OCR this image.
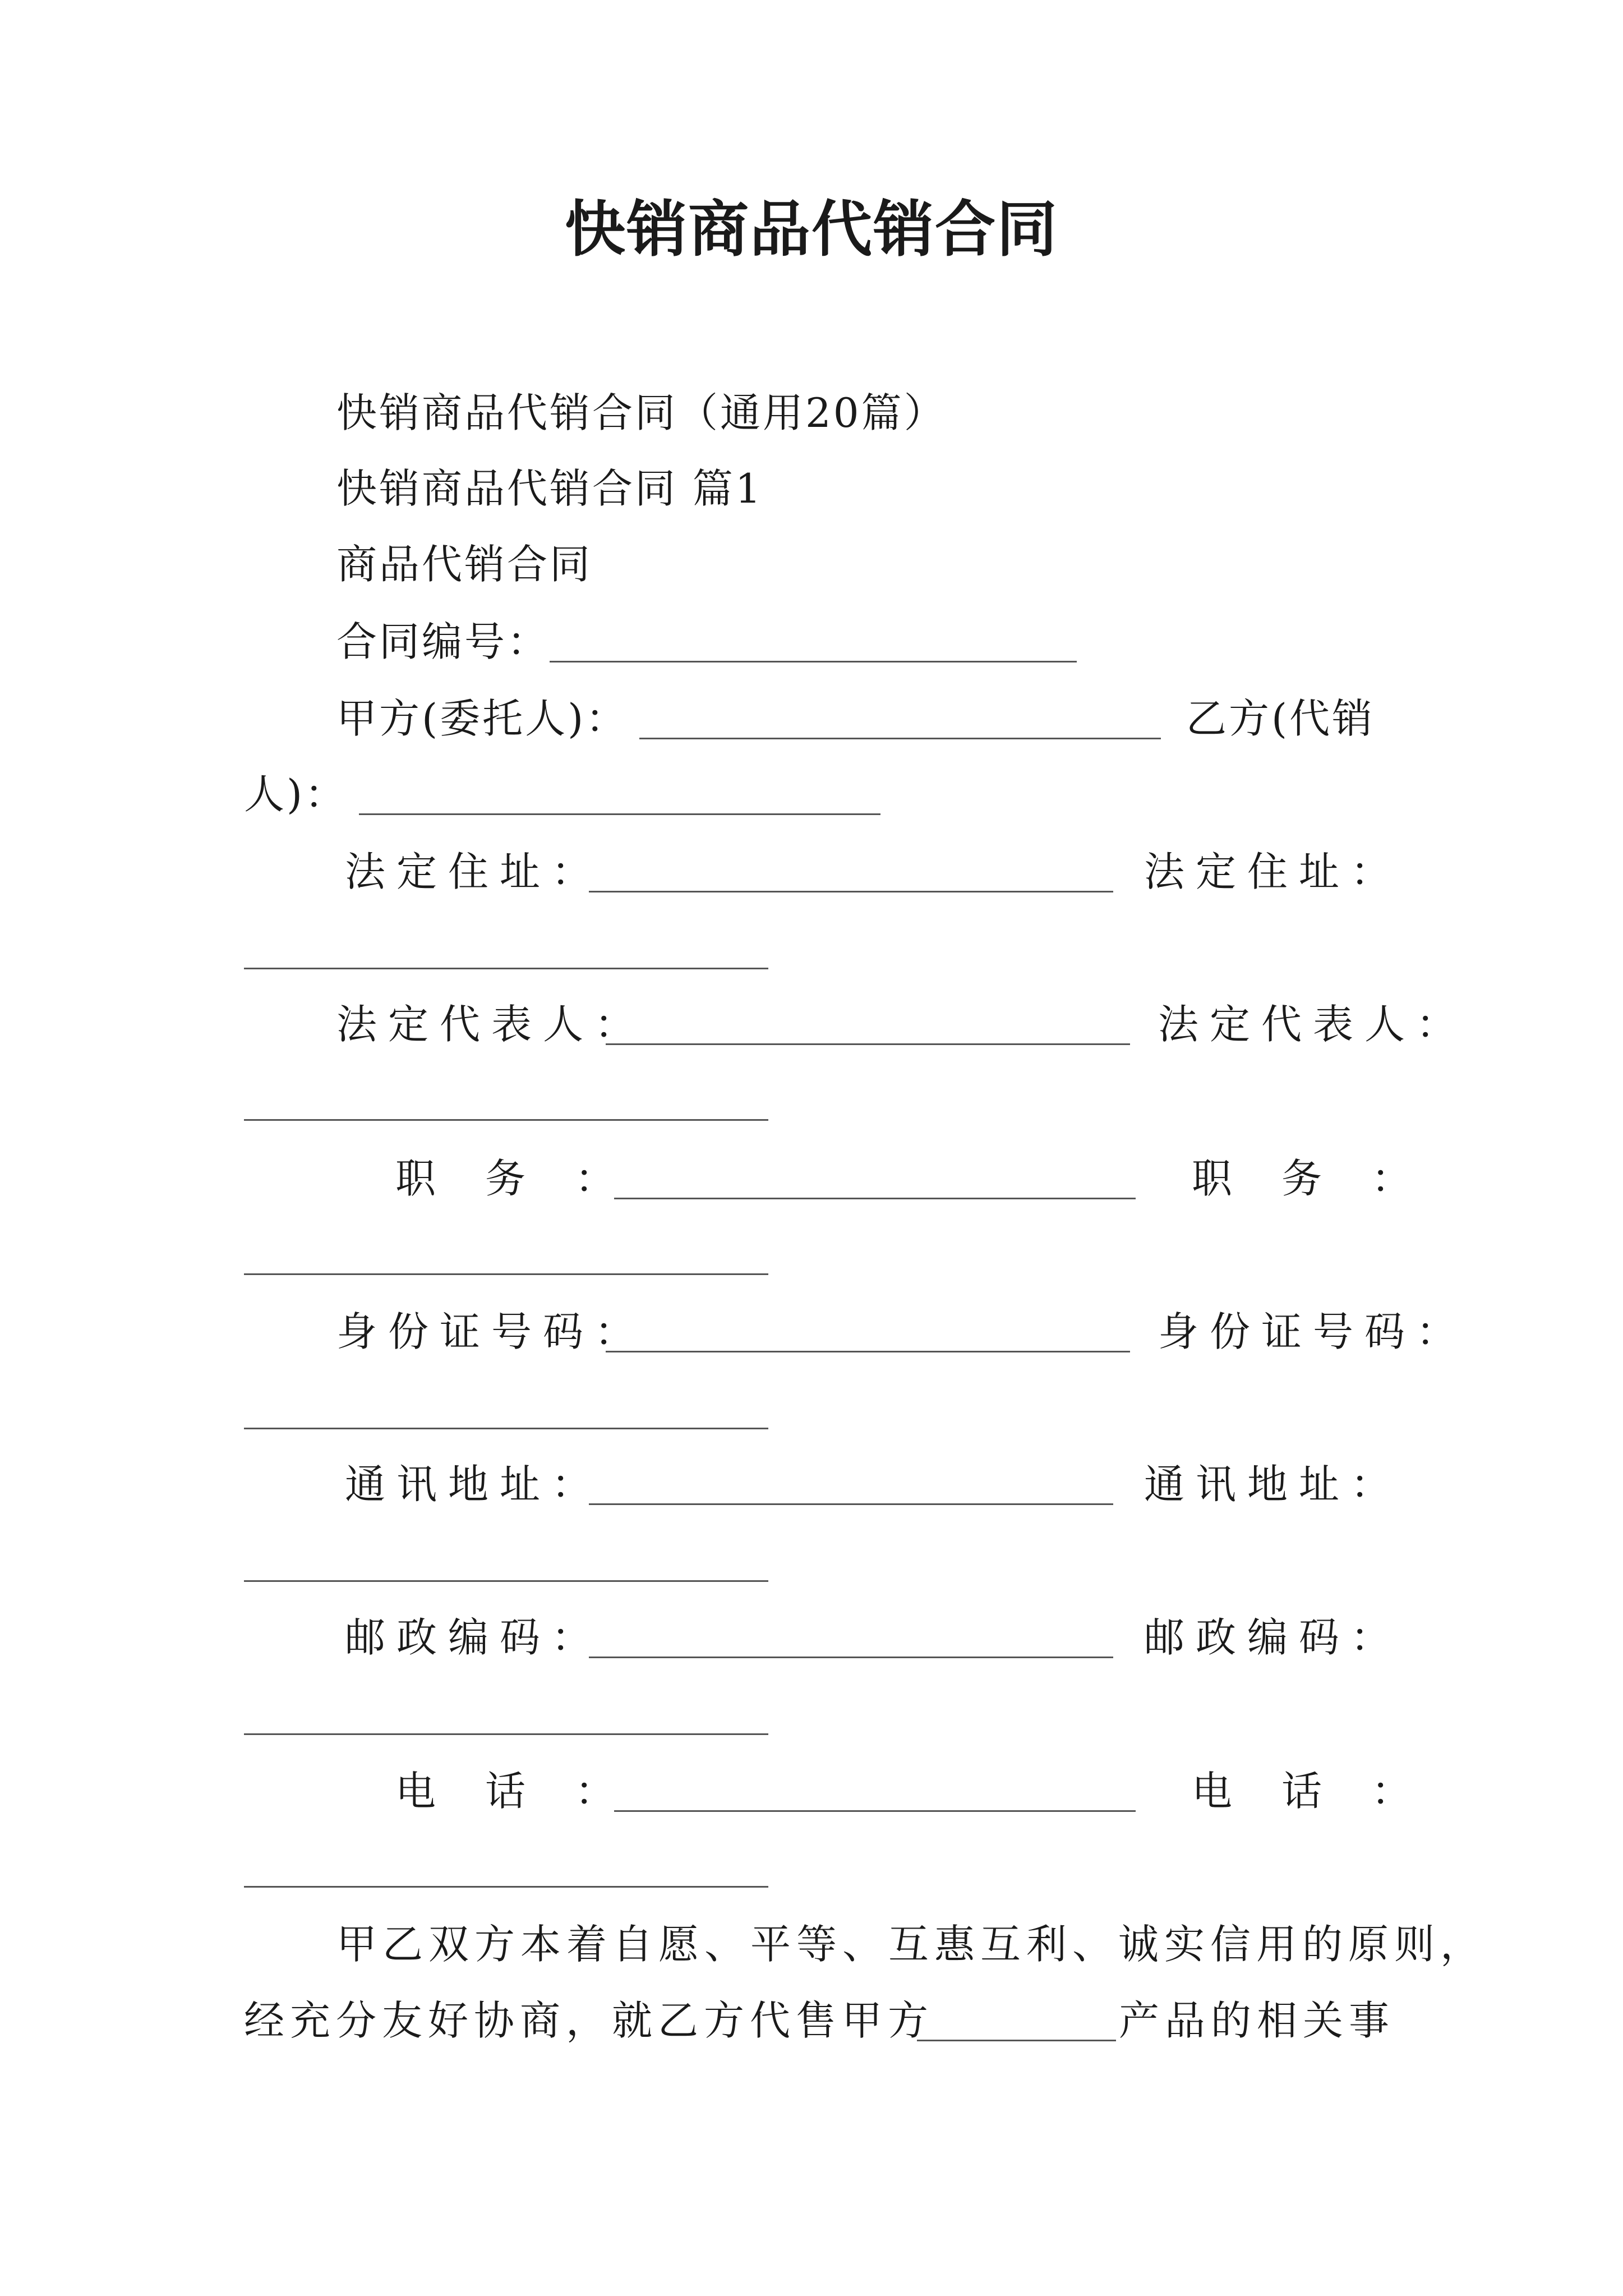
快销商品代销合同
快销商品代销合同（通用20篇）
快销商品代销合同 篇1
商品代销合同
合同编号：
甲方(委托人)：	乙方(代销
人)：
法定住址：	法定住址：
法定代表人：	法定代表人：
职务：	职务：
身份证号码：	身份证号码：
通讯地址：	通讯地址：
邮政编码：	邮政编码：
电话：	电话：
甲乙双方本着自愿、平等、互惠互利、诚实信用的原则，
经充分友好协商，就乙方代售甲方	产品的相关事
